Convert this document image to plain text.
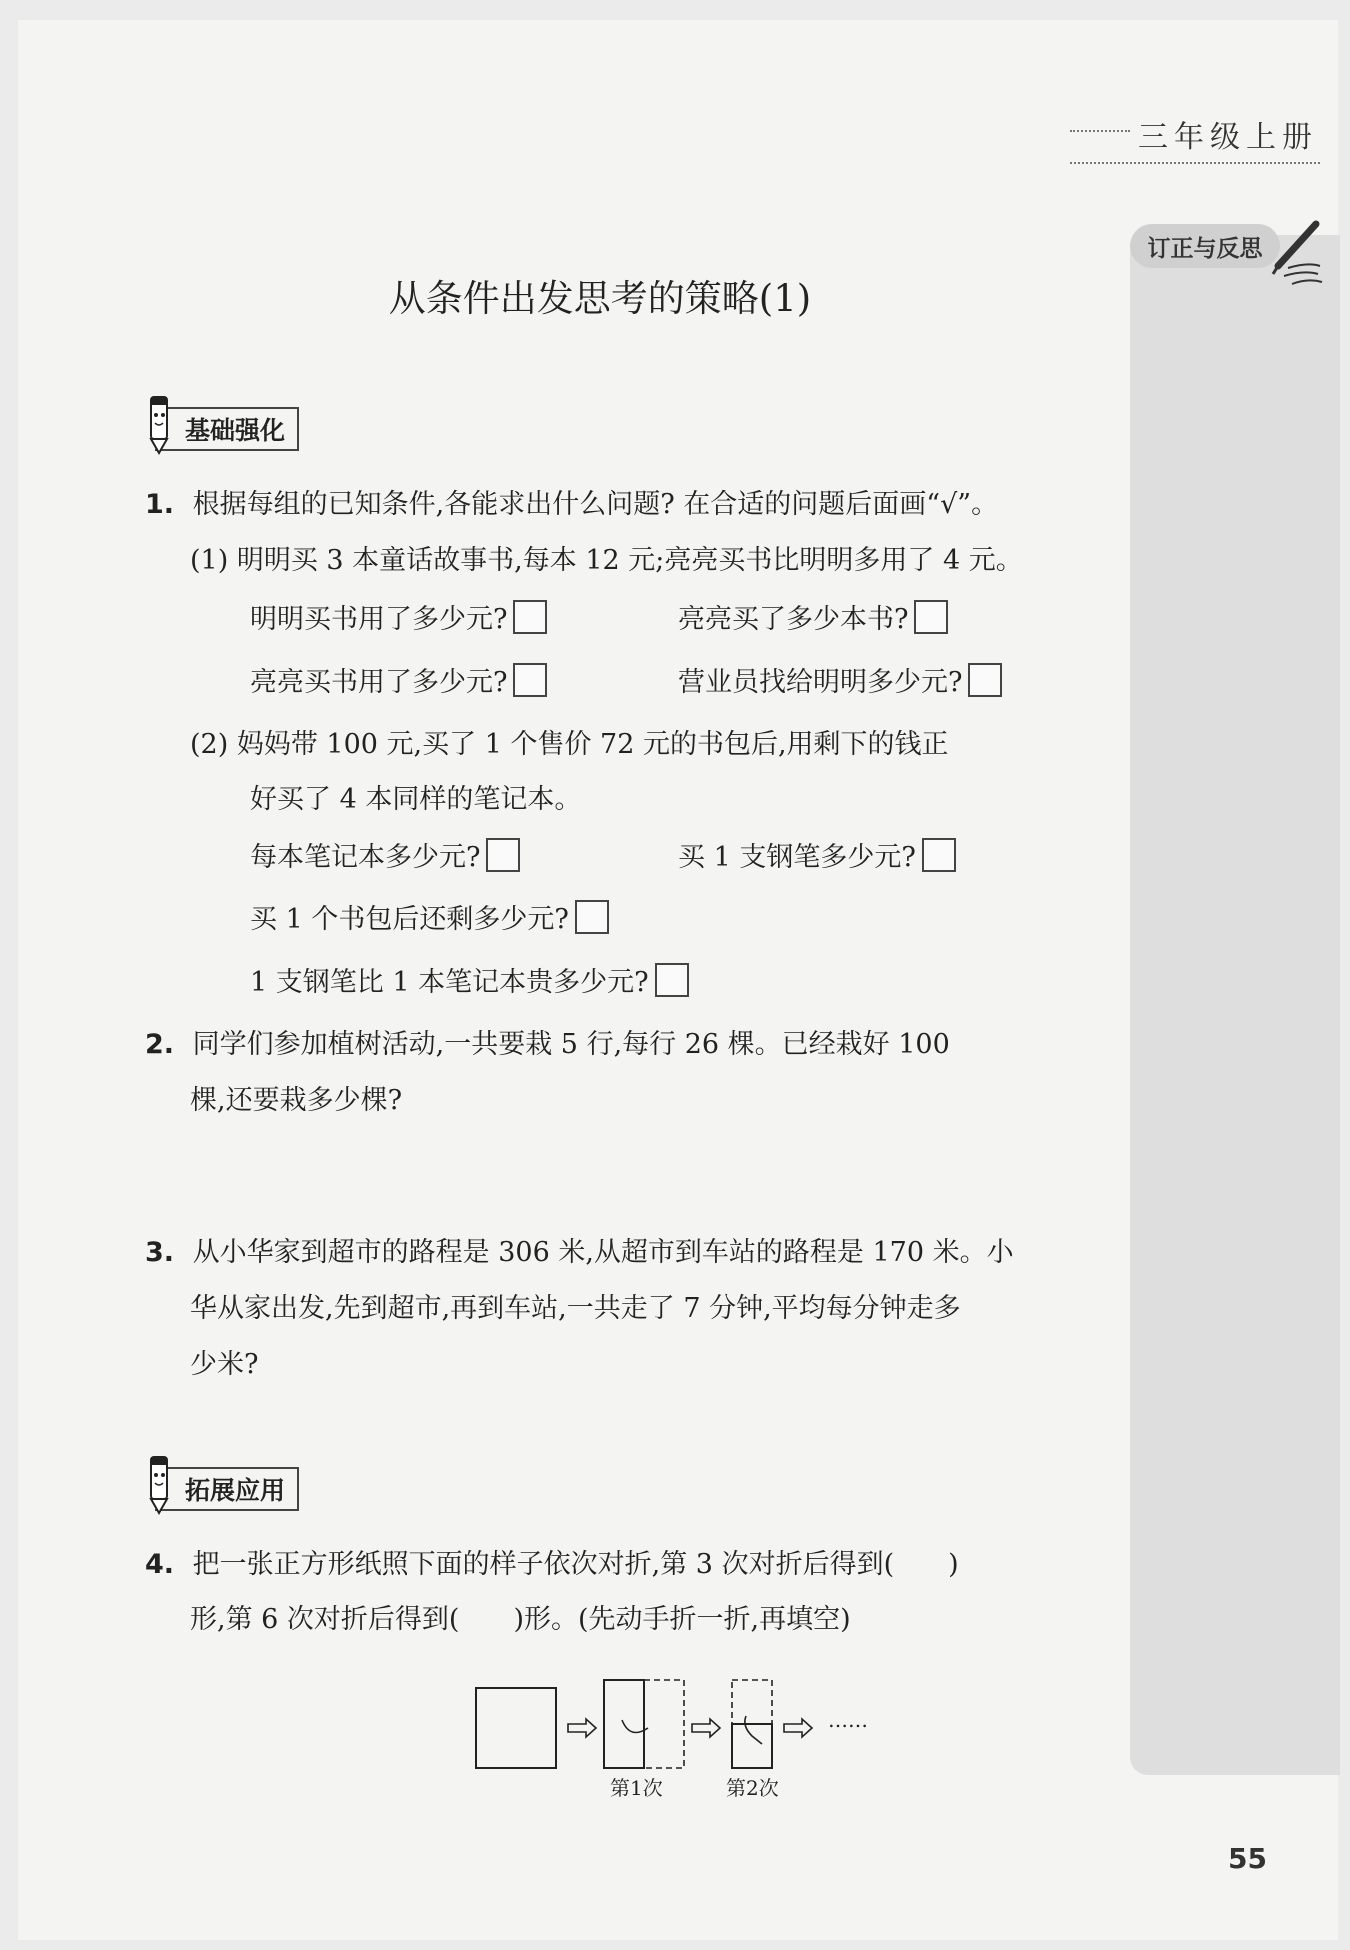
三年级上册
订正与反思
从条件出发思考的策略(1)
基础强化
1. 根据每组的已知条件,各能求出什么问题? 在合适的问题后面画“√”。
(1) 明明买 3 本童话故事书,每本 12 元;亮亮买书比明明多用了 4 元。
明明买书用了多少元?	亮亮买了多少本书?
亮亮买书用了多少元?	营业员找给明明多少元?
(2) 妈妈带 100 元,买了 1 个售价 72 元的书包后,用剩下的钱正
好买了 4 本同样的笔记本。
每本笔记本多少元?	买 1 支钢笔多少元?
买 1 个书包后还剩多少元?
1 支钢笔比 1 本笔记本贵多少元?
2. 同学们参加植树活动,一共要栽 5 行,每行 26 棵。已经栽好 100
棵,还要栽多少棵?
3. 从小华家到超市的路程是 306 米,从超市到车站的路程是 170 米。小
华从家出发,先到超市,再到车站,一共走了 7 分钟,平均每分钟走多
少米?
拓展应用
4. 把一张正方形纸照下面的样子依次对折,第 3 次对折后得到(　　)
形,第 6 次对折后得到(　　)形。(先动手折一折,再填空)
……
第1次	第2次
55
